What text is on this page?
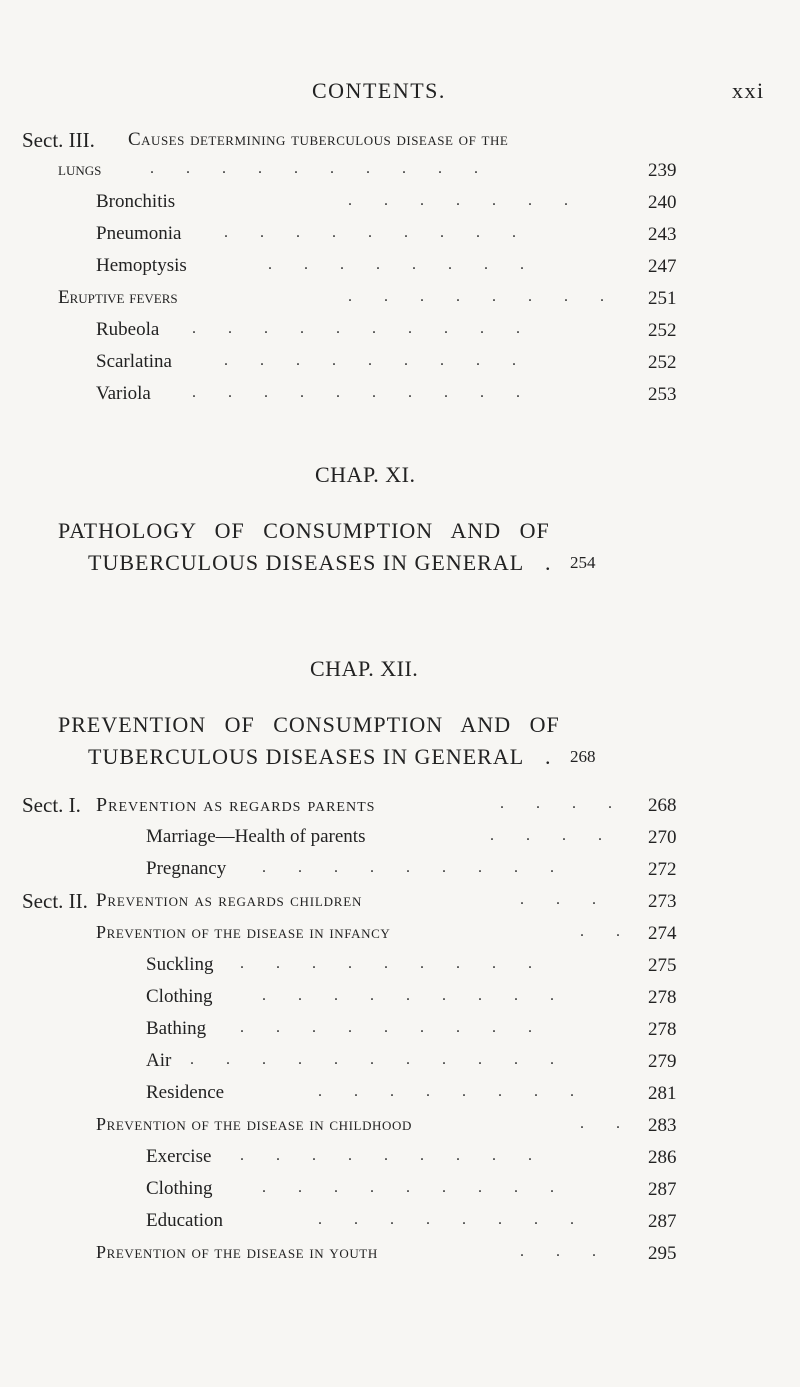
CONTENTS.	xxi
Sect. III. Causes determining tuberculous disease of the
lungs	. . . . . . . . . .	239
Bronchitis	. . . . . . .	240
Pneumonia	. . . . . . . . .	243
Hemoptysis	. . . . . . . .	247
Eruptive fevers	. . . . . . . . 251
Rubeola . . . . . . . . . .	252
Scarlatina	. . . . . . . . .	252
Variola	. . . . . . . . . .	253
CHAP. XI.
PATHOLOGY OF CONSUMPTION AND OF
TUBERCULOUS DISEASES IN GENERAL . 254
CHAP. XII.
PREVENTION OF CONSUMPTION AND OF
TUBERCULOUS DISEASES IN GENERAL . 268
Sect. I. Prevention as regards parents	. . . . 268
Marriage—Health of parents	. . . . 270
Pregnancy . . . . . . . . .	272
Sect. II. Prevention as regards children	. . . 273
Prevention of the disease in infancy	. . 274
Suckling . . . . . . . . .	275
Clothing	. . . . . . . . .	278
Bathing . . . . . . . . .	278
Air . . . . . . . . . . .	279
Residence	. . . . . . . .	281
Prevention of the disease in childhood	. . 283
Exercise . . . . . . . . .	286
Clothing	. . . . . . . . .	287
Education	. . . . . . . .	287
Prevention of the disease in youth	. . . 295
